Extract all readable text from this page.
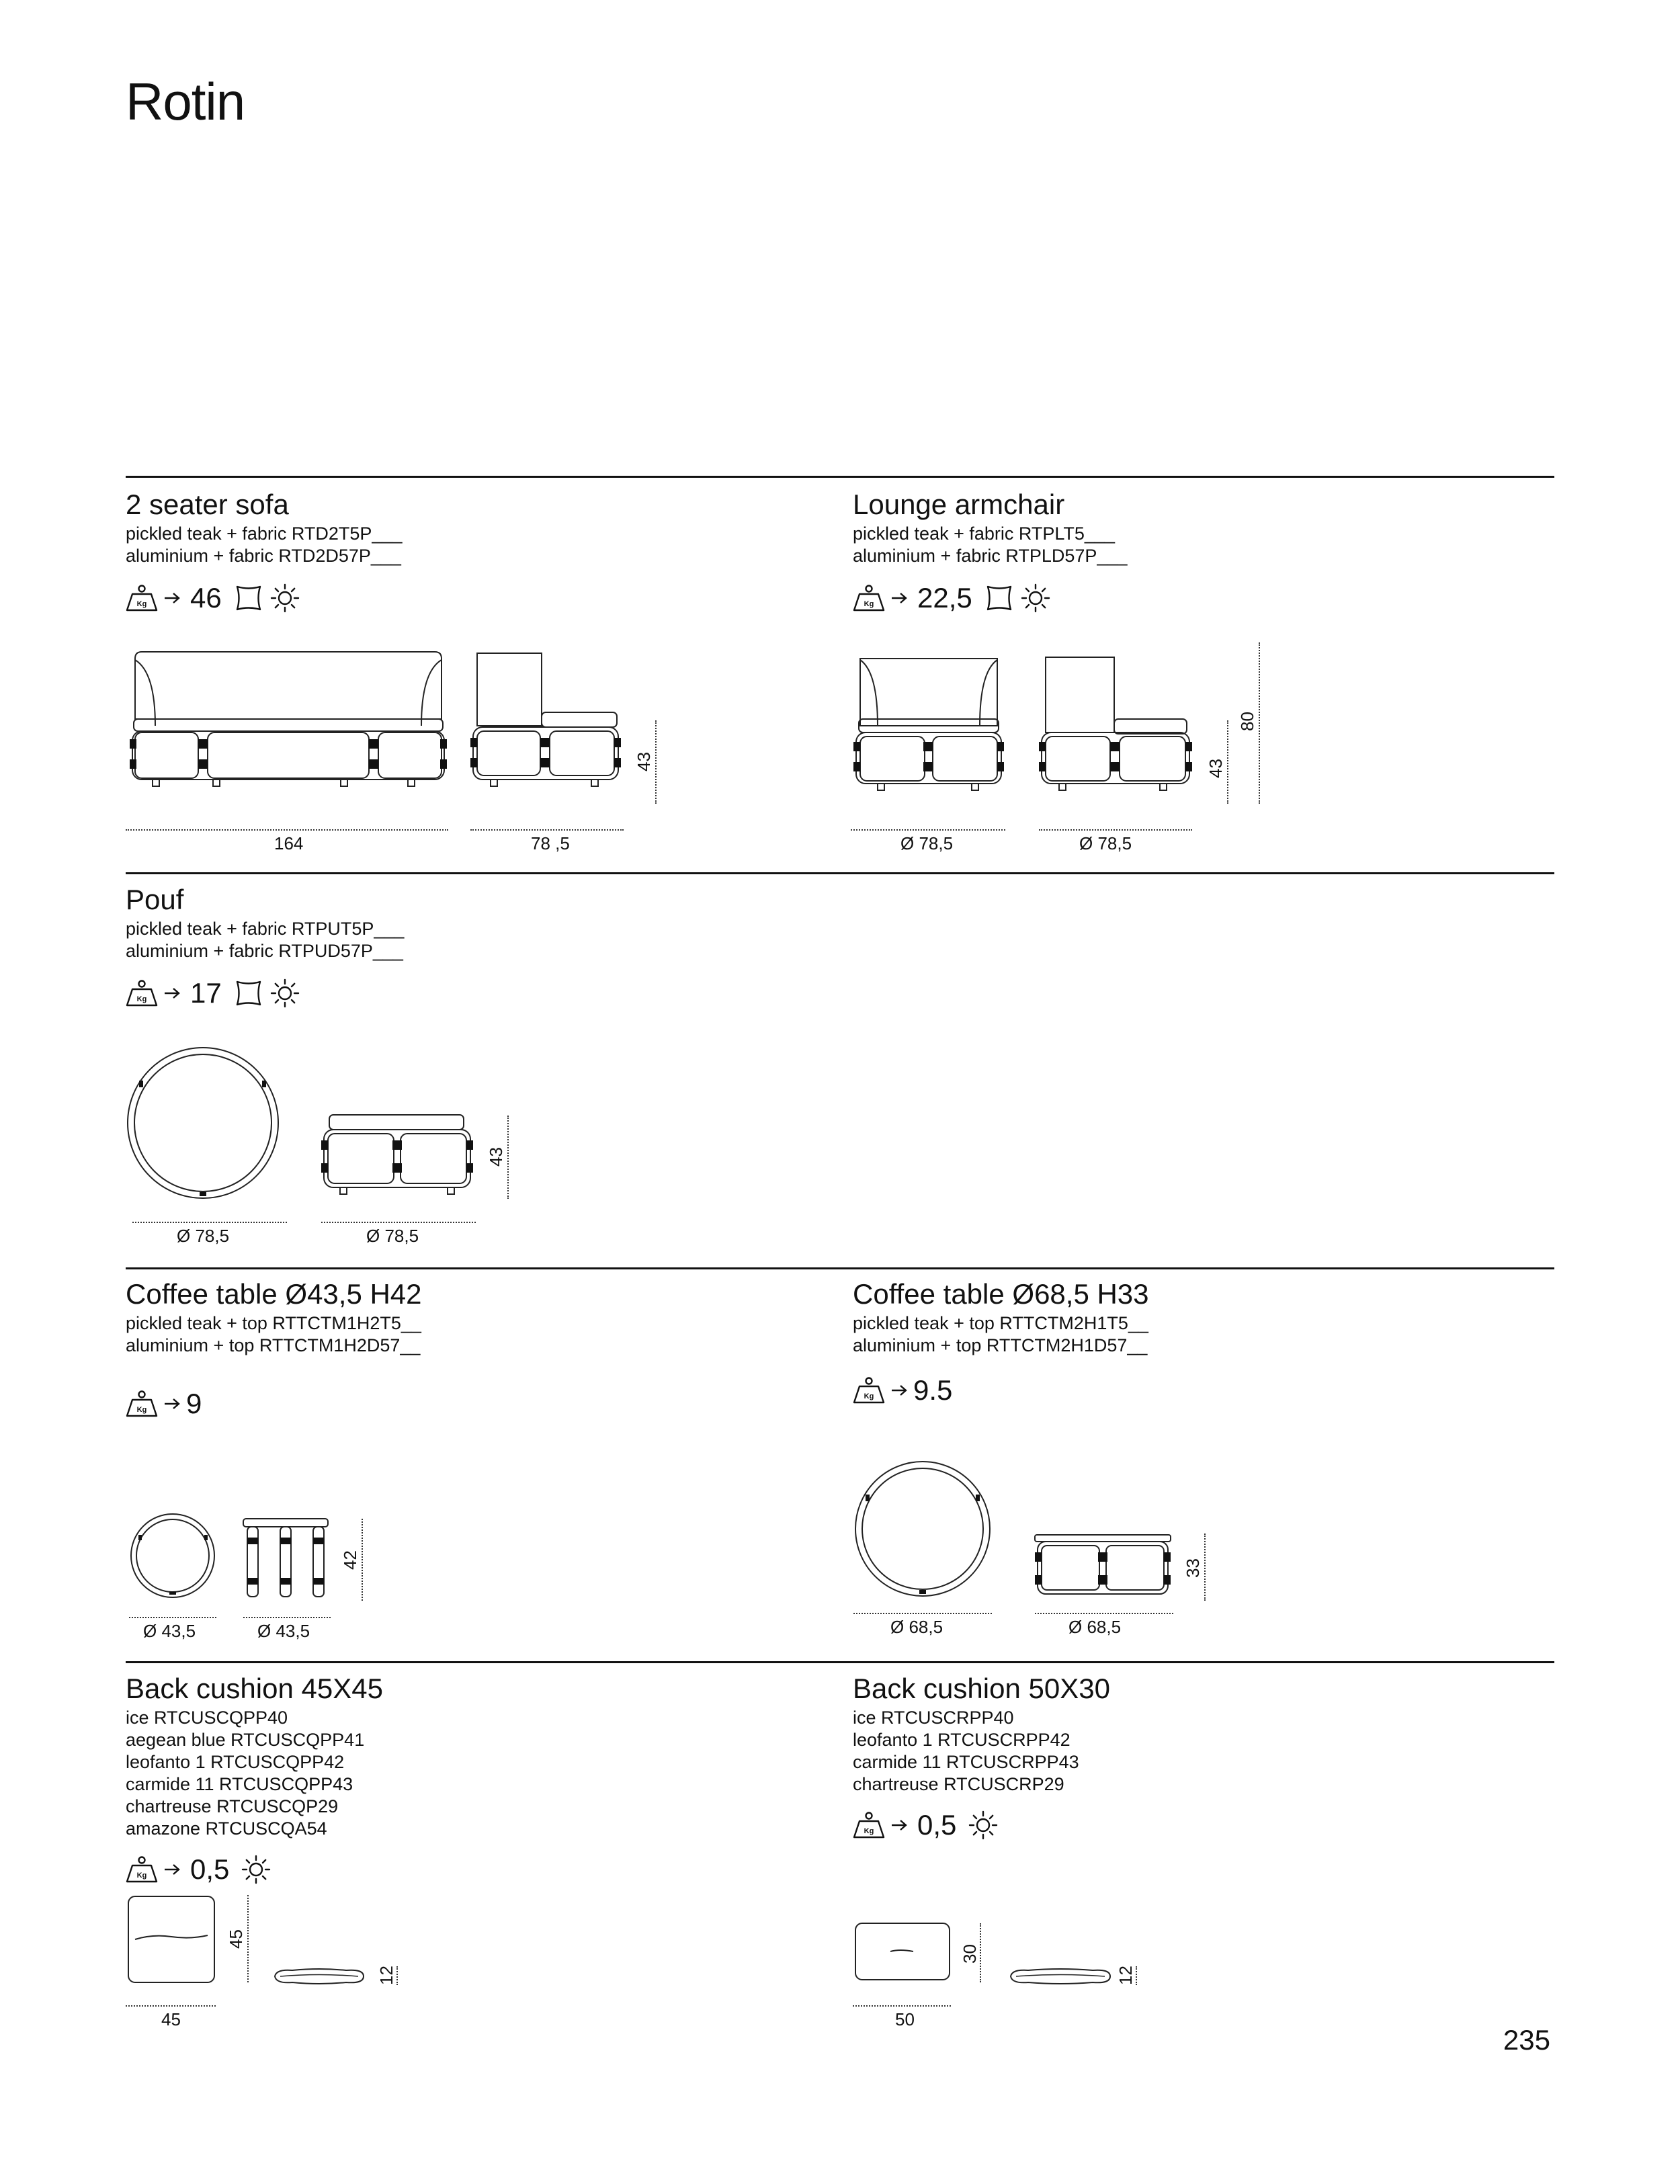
Rotin
2 seater sofa
pickled teak + fabric RTD2T5P___
aluminium + fabric RTD2D57P___
46
164	78 ,5
43
Lounge armchair
pickled teak + fabric RTPLT5___
aluminium + fabric RTPLD57P___
22,5
Ø 78,5	Ø 78,5
43
80
Pouf
pickled teak + fabric RTPUT5P___
aluminium + fabric RTPUD57P___
17
Ø 78,5	Ø 78,5
43
Coffee table Ø43,5 H42
pickled teak + top RTTCTM1H2T5__
aluminium + top RTTCTM1H2D57__
9
Ø 43,5	Ø 43,5
42
Coffee table Ø68,5 H33
pickled teak + top RTTCTM2H1T5__
aluminium + top RTTCTM2H1D57__
9.5
Ø 68,5	Ø 68,5
33
Back cushion 45X45
ice RTCUSCQPP40
aegean blue RTCUSCQPP41
leofanto 1 RTCUSCQPP42
carmide 11 RTCUSCQPP43
chartreuse RTCUSCQP29
amazone RTCUSCQA54
0,5
45
45
12
Back cushion 50X30
ice RTCUSCRPP40
leofanto 1 RTCUSCRPP42
carmide 11 RTCUSCRPP43
chartreuse RTCUSCRP29
0,5
50
30
12
235
